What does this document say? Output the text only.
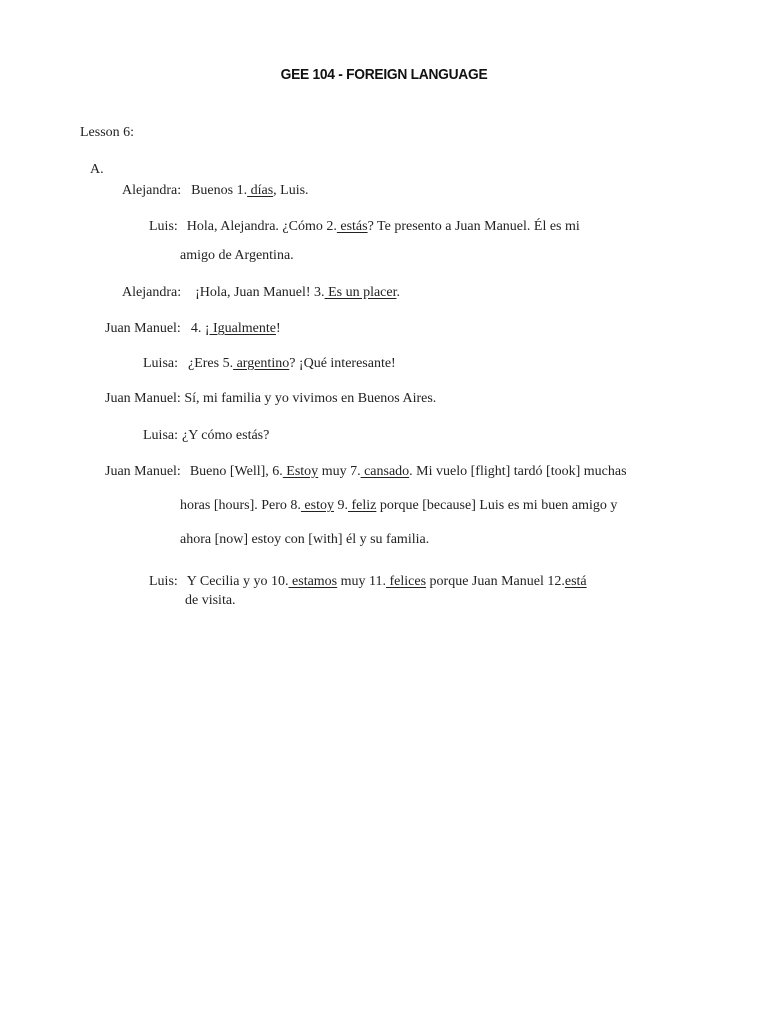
GEE 104 - FOREIGN LANGUAGE
Lesson 6:
A.
Alejandra: Buenos 1. días, Luis.
Luis: Hola, Alejandra. ¿Cómo 2. estás? Te presento a Juan Manuel. Él es mi
amigo de Argentina.
Alejandra: ¡Hola, Juan Manuel! 3. Es un placer.
Juan Manuel: 4. ¡ Igualmente!
Luisa: ¿Eres 5. argentino? ¡Qué interesante!
Juan Manuel: Sí, mi familia y yo vivimos en Buenos Aires.
Luisa: ¿Y cómo estás?
Juan Manuel: Bueno [Well], 6. Estoy muy 7. cansado. Mi vuelo [flight] tardó [took] muchas
horas [hours]. Pero 8. estoy 9. feliz porque [because] Luis es mi buen amigo y
ahora [now] estoy con [with] él y su familia.
Luis: Y Cecilia y yo 10. estamos muy 11. felices porque Juan Manuel 12.está
de visita.
